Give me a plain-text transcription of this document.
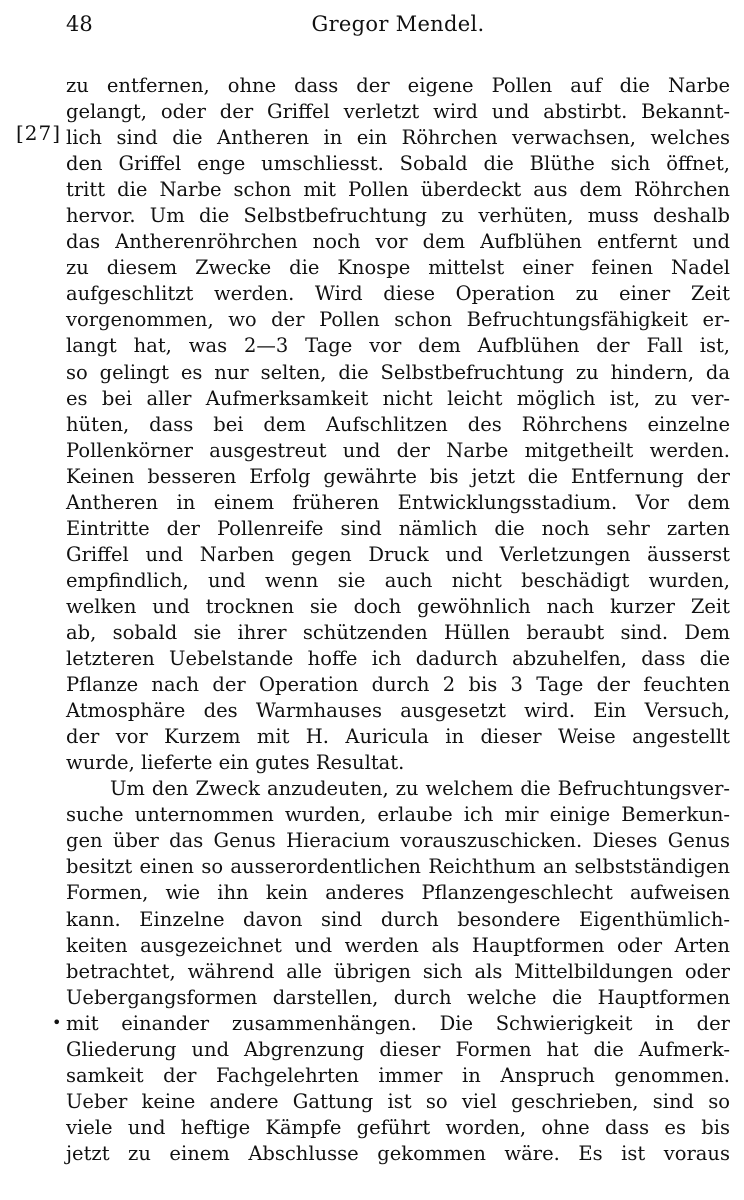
48	Gregor Mendel.
[27]
•
zu entfernen, ohne dass der eigene Pollen auf die Narbe
gelangt, oder der Griffel verletzt wird und abstirbt. Bekannt-
lich sind die Antheren in ein Röhrchen verwachsen, welches
den Griffel enge umschliesst. Sobald die Blüthe sich öffnet,
tritt die Narbe schon mit Pollen überdeckt aus dem Röhrchen
hervor. Um die Selbstbefruchtung zu verhüten, muss deshalb
das Antherenröhrchen noch vor dem Aufblühen entfernt und
zu diesem Zwecke die Knospe mittelst einer feinen Nadel
aufgeschlitzt werden. Wird diese Operation zu einer Zeit
vorgenommen, wo der Pollen schon Befruchtungsfähigkeit er-
langt hat, was 2—3 Tage vor dem Aufblühen der Fall ist,
so gelingt es nur selten, die Selbstbefruchtung zu hindern, da
es bei aller Aufmerksamkeit nicht leicht möglich ist, zu ver-
hüten, dass bei dem Aufschlitzen des Röhrchens einzelne
Pollenkörner ausgestreut und der Narbe mitgetheilt werden.
Keinen besseren Erfolg gewährte bis jetzt die Entfernung der
Antheren in einem früheren Entwicklungsstadium. Vor dem
Eintritte der Pollenreife sind nämlich die noch sehr zarten
Griffel und Narben gegen Druck und Verletzungen äusserst
empfindlich, und wenn sie auch nicht beschädigt wurden,
welken und trocknen sie doch gewöhnlich nach kurzer Zeit
ab, sobald sie ihrer schützenden Hüllen beraubt sind. Dem
letzteren Uebelstande hoffe ich dadurch abzuhelfen, dass die
Pflanze nach der Operation durch 2 bis 3 Tage der feuchten
Atmosphäre des Warmhauses ausgesetzt wird. Ein Versuch,
der vor Kurzem mit H. Auricula in dieser Weise angestellt
wurde, lieferte ein gutes Resultat.
Um den Zweck anzudeuten, zu welchem die Befruchtungsver-
suche unternommen wurden, erlaube ich mir einige Bemerkun-
gen über das Genus Hieracium vorauszuschicken. Dieses Genus
besitzt einen so ausserordentlichen Reichthum an selbstständigen
Formen, wie ihn kein anderes Pflanzengeschlecht aufweisen
kann. Einzelne davon sind durch besondere Eigenthümlich-
keiten ausgezeichnet und werden als Hauptformen oder Arten
betrachtet, während alle übrigen sich als Mittelbildungen oder
Uebergangsformen darstellen, durch welche die Hauptformen
mit einander zusammenhängen. Die Schwierigkeit in der
Gliederung und Abgrenzung dieser Formen hat die Aufmerk-
samkeit der Fachgelehrten immer in Anspruch genommen.
Ueber keine andere Gattung ist so viel geschrieben, sind so
viele und heftige Kämpfe geführt worden, ohne dass es bis
jetzt zu einem Abschlusse gekommen wäre. Es ist voraus
